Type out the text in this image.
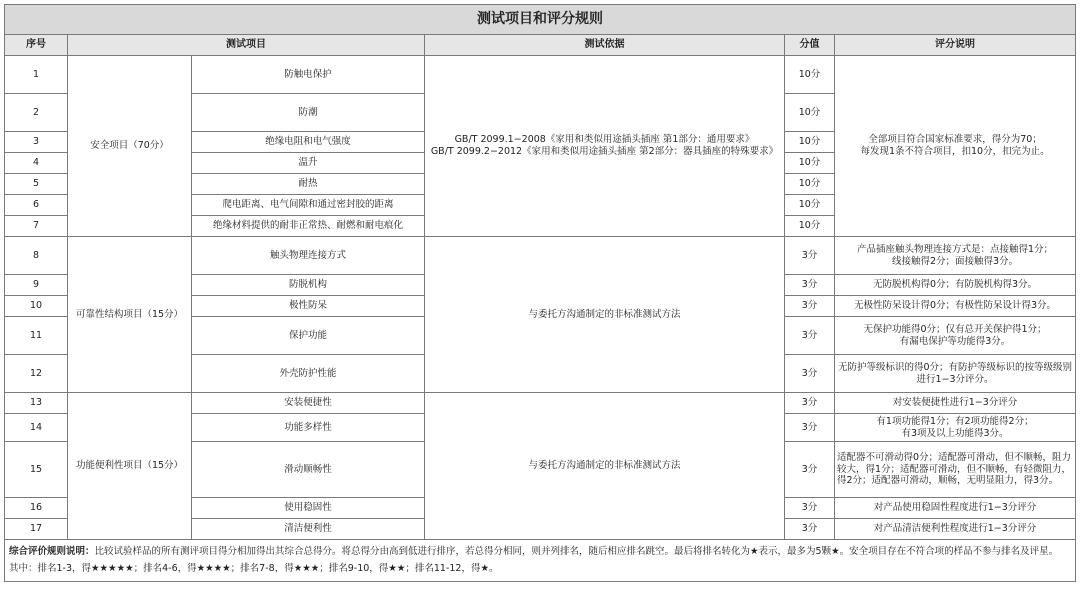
测试项目和评分规则					
序号	测试项目		测试依据	分值	评分说明
1	安全项目（70分）	防触电保护	GB/T 2099.1−2008《家用和类似用途插头插座 第1部分：通用要求》
GB/T 2099.2−2012《家用和类似用途插头插座 第2部分：器具插座的特殊要求》	10分	全部项目符合国家标准要求，得分为70；
每发现1条不符合项目，扣10分，扣完为止。
2		防潮		10分	
3		绝缘电阻和电气强度		10分	
4		温升		10分	
5		耐热		10分	
6		爬电距离、电气间隙和通过密封胶的距离		10分	
7		绝缘材料提供的耐非正常热、耐燃和耐电痕化		10分	
8	可靠性结构项目（15分）	触头物理连接方式	与委托方沟通制定的非标准测试方法	3分	产品插座触头物理连接方式是：点接触得1分；
线接触得2分；面接触得3分。
9		防脱机构		3分	无防脱机构得0分；有防脱机构得3分。
10		极性防呆		3分	无极性防呆设计得0分；有极性防呆设计得3分。
11		保护功能		3分	无保护功能得0分；仅有总开关保护得1分；
有漏电保护等功能得3分。
12		外壳防护性能		3分	无防护等级标识的得0分；有防护等级标识的按等级级别
进行1−3分评分。
13	功能便利性项目（15分）	安装便捷性	与委托方沟通制定的非标准测试方法	3分	对安装便捷性进行1−3分评分
14		功能多样性		3分	有1项功能得1分；有2项功能得2分；
有3项及以上功能得3分。
15		滑动顺畅性		3分	适配器不可滑动得0分；适配器可滑动，但不顺畅，阻力
较大，得1分；适配器可滑动，但不顺畅，有轻微阻力，
得2分；适配器可滑动，顺畅，无明显阻力，得3分。
16		使用稳固性		3分	对产品使用稳固性程度进行1−3分评分
17		清洁便利性		3分	对产品清洁便利性程度进行1−3分评分

综合评价规则说明：比较试验样品的所有测评项目得分相加得出其综合总得分。将总得分由高到低进行排序，若总得分相同，则并列排名，随后相应排名跳空。最后将排名转化为★表示，最多为5颗★。安全项目存在不符合项的样品不参与排名及评星。
其中：排名1-3，得★★★★★；排名4-6，得★★★★；排名7-8，得★★★；排名9-10，得★★；排名11-12，得★。					
